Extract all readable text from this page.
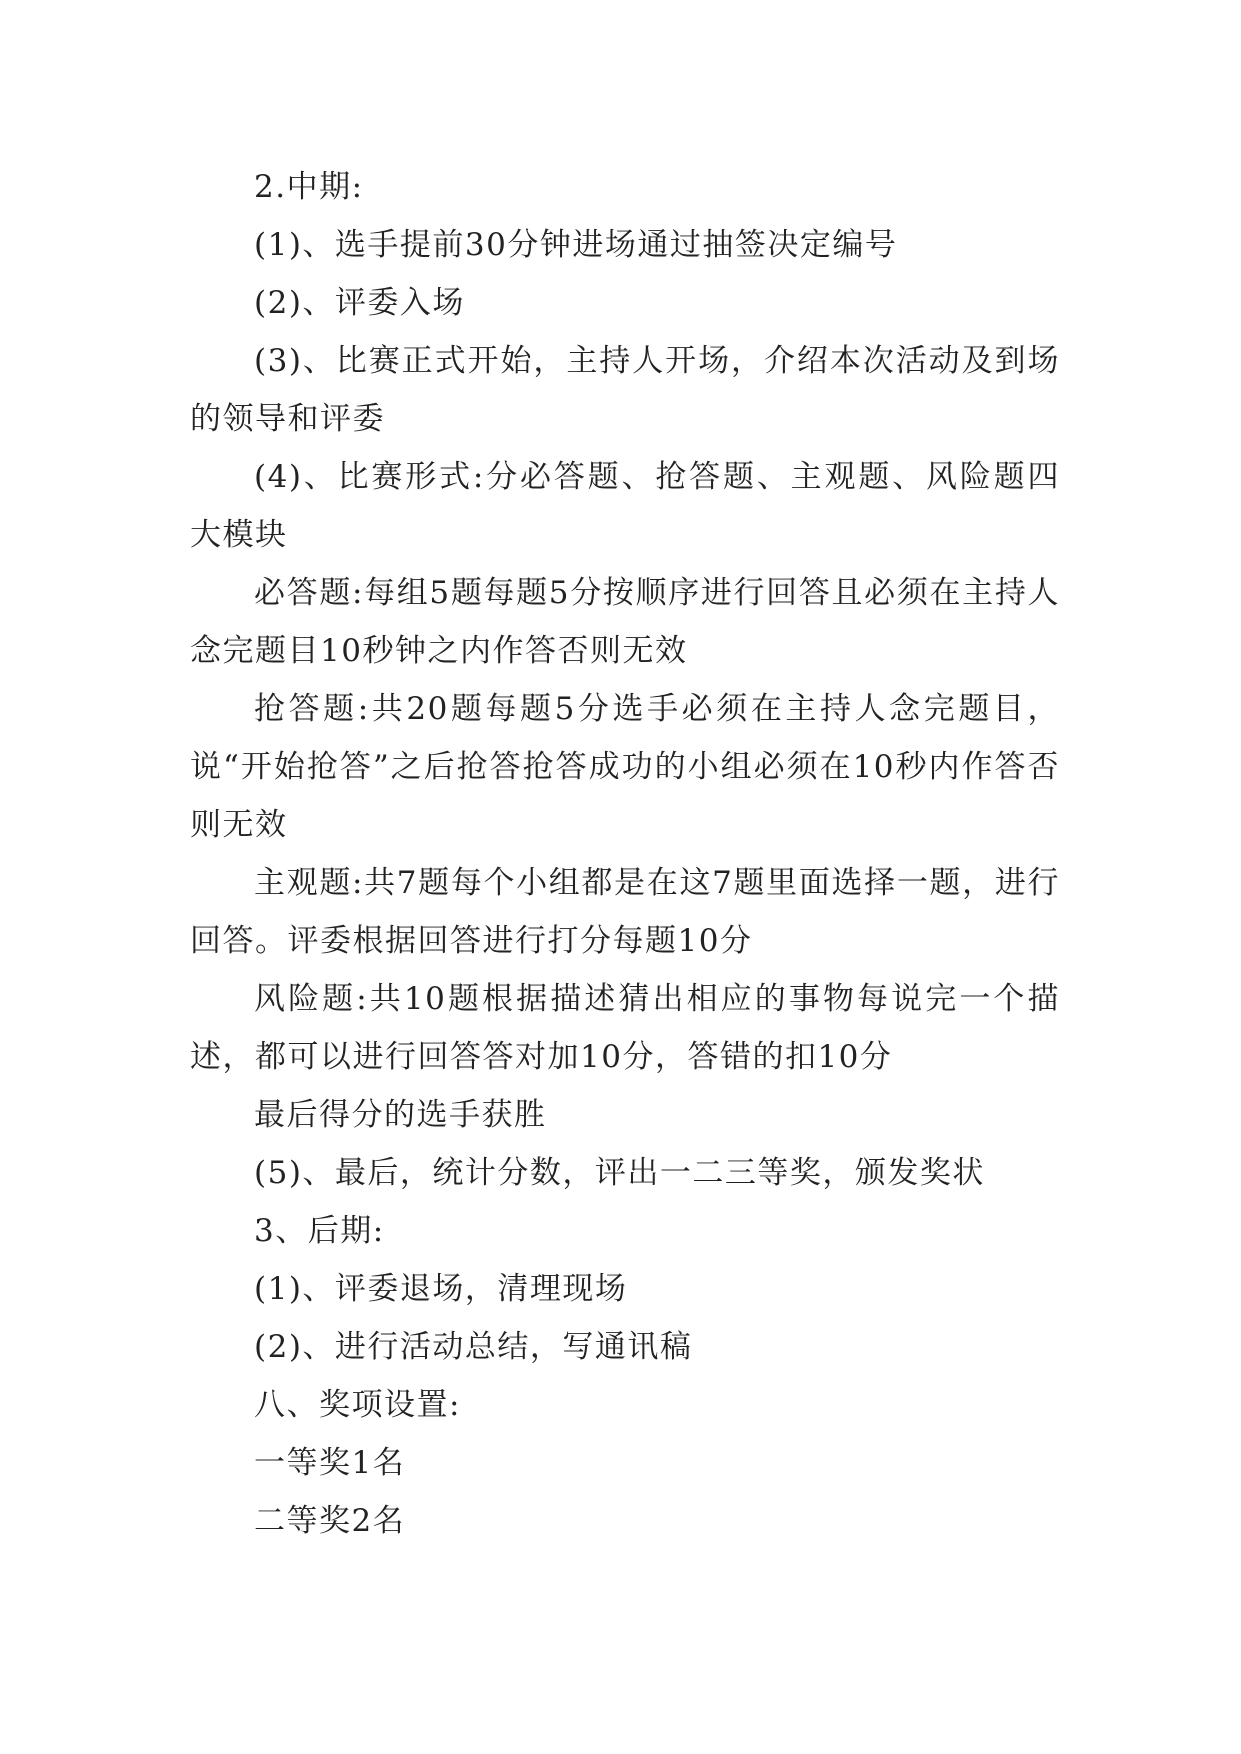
2.中期:

(1)、选手提前30分钟进场通过抽签决定编号

(2)、评委入场

(3)、比赛正式开始，主持人开场，介绍本次活动及到场的领导和评委

(4)、比赛形式:分必答题、抢答题、主观题、风险题四大模块

必答题:每组5题每题5分按顺序进行回答且必须在主持人念完题目10秒钟之内作答否则无效

抢答题:共20题每题5分选手必须在主持人念完题目，说“开始抢答”之后抢答抢答成功的小组必须在10秒内作答否则无效

主观题:共7题每个小组都是在这7题里面选择一题，进行回答。评委根据回答进行打分每题10分

风险题:共10题根据描述猜出相应的事物每说完一个描述，都可以进行回答答对加10分，答错的扣10分

最后得分的选手获胜

(5)、最后，统计分数，评出一二三等奖，颁发奖状

3、后期:

(1)、评委退场，清理现场

(2)、进行活动总结，写通讯稿

八、奖项设置:

一等奖1名

二等奖2名
